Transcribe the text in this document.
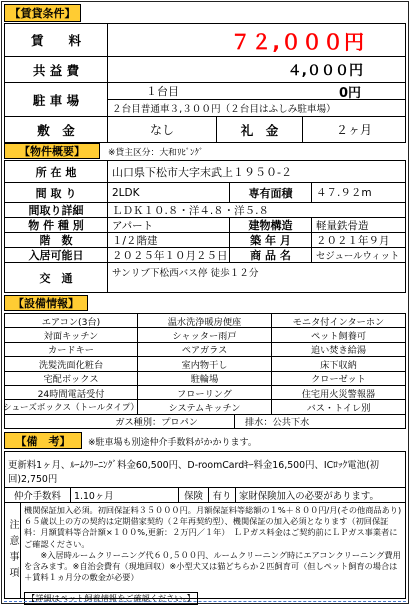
【賃貸条件】
賃　　料	７２,０００円
共 益 費	４,０００円
駐 車 場
１台目	0円
２台目普通車３,３００円（２台目はふしみ駐車場）
敷　金	なし	礼　金	２ヶ月
【物件概要】	※貸主区分：大和ﾘﾋﾞﾝｸﾞ
所 在 地	山口県下松市大字末武上１９５０-２
間 取 り	2LDK	専有面積	４７.９２m
間取り詳細	ＬＤＫ１０.８・洋４.８・洋５.８
物 件 種 別	アパート	建物構造	軽量鉄骨造
階　数	１/２階建	築 年 月	２０２１年９月
入居可能日	２０２５年１０月２５日	商 品 名	セジュールウィット
交　通	サンリブ下松西バス停 徒歩１２分
【設備情報】
エアコン(3台)	温水洗浄暖房便座	モニタ付インターホン
対面キッチン	シャッター雨戸	ペット飼養可
カードキー	ペアガラス	追い焚き給湯
洗髪洗面化粧台	室内物干し	床下収納
宅配ボックス	駐輪場	クローゼット
24時間電話受付	フローリング	住宅用火災警報器
シューズボックス（トールタイプ）	システムキッチン	バス・トイレ別
ガス種別：プロパン	排水：公共下水
【備　考】	※駐車場も別途仲介手数料がかかります。
更新料1ヶ月、ﾙｰﾑｸﾘｰﾆﾝｸﾞ料金60,500円、D-roomCardｷｰ料金16,500円、ICﾛｯｸ電池(初回)2,750円
仲介手数料	1.10ヶ月	保険	有り 家財保険加入の必要があります。
注意事項

機関保証加入必須。初回保証料３５０００円。月額保証料等総額の１%＋８００円/月(その他商品あり)

６５歳以上の方の契約は定期借家契約（２年再契約型）、機関保証の加入必須となります（初回保証料：月額賃料等合計額×１００%,更新：２万円／１年）　ＬＰガス料金はご契約前にＬＰガス事業者にご確認ください。

　　※入居時ルームクリーニング代６０,５００円、ルームクリーニング時にエアコンクリーニング費用を含みます。※自治会費有（現地回収）※小型犬又は猫どちらか２匹飼育可（但しペット飼育の場合は＋賃料１ヵ月分の敷金が必要）

【詳細はペット飼養情報をご確認ください。】
